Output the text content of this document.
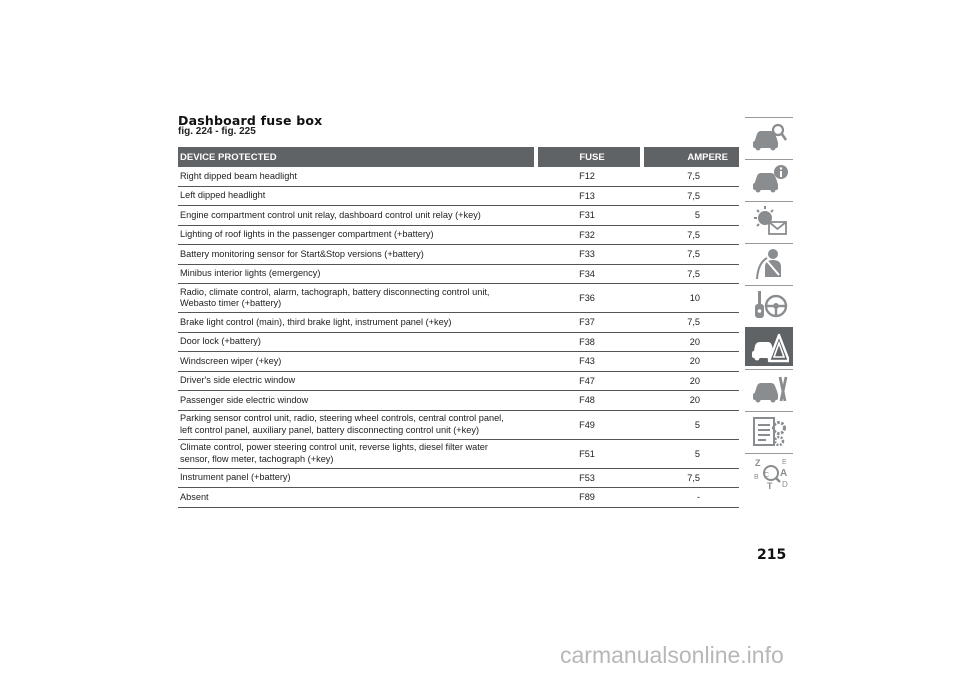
Dashboard fuse box
fig. 224 - fig. 225
DEVICE PROTECTED	FUSE	AMPERE
Right dipped beam headlight	F12	7,5
Left dipped headlight	F13	7,5
Engine compartment control unit relay, dashboard control unit relay (+key)	F31	5
Lighting of roof lights in the passenger compartment (+battery)	F32	7,5
Battery monitoring sensor for Start&Stop versions (+battery)	F33	7,5
Minibus interior lights (emergency)	F34	7,5
Radio, climate control, alarm, tachograph, battery disconnecting control unit,
Webasto timer (+battery)	F36	10
Brake light control (main), third brake light, instrument panel (+key)	F37	7,5
Door lock (+battery)	F38	20
Windscreen wiper (+key)	F43	20
Driver's side electric window	F47	20
Passenger side electric window	F48	20
Parking sensor control unit, radio, steering wheel controls, central control panel,
left control panel, auxiliary panel, battery disconnecting control unit (+key)	F49	5
Climate control, power steering control unit, reverse lights, diesel filter water
sensor, flow meter, tachograph (+key)	F51	5
Instrument panel (+battery)	F53	7,5
Absent	F89	-
Z	E
B A
C
T D
215
carmanualsonline.info
